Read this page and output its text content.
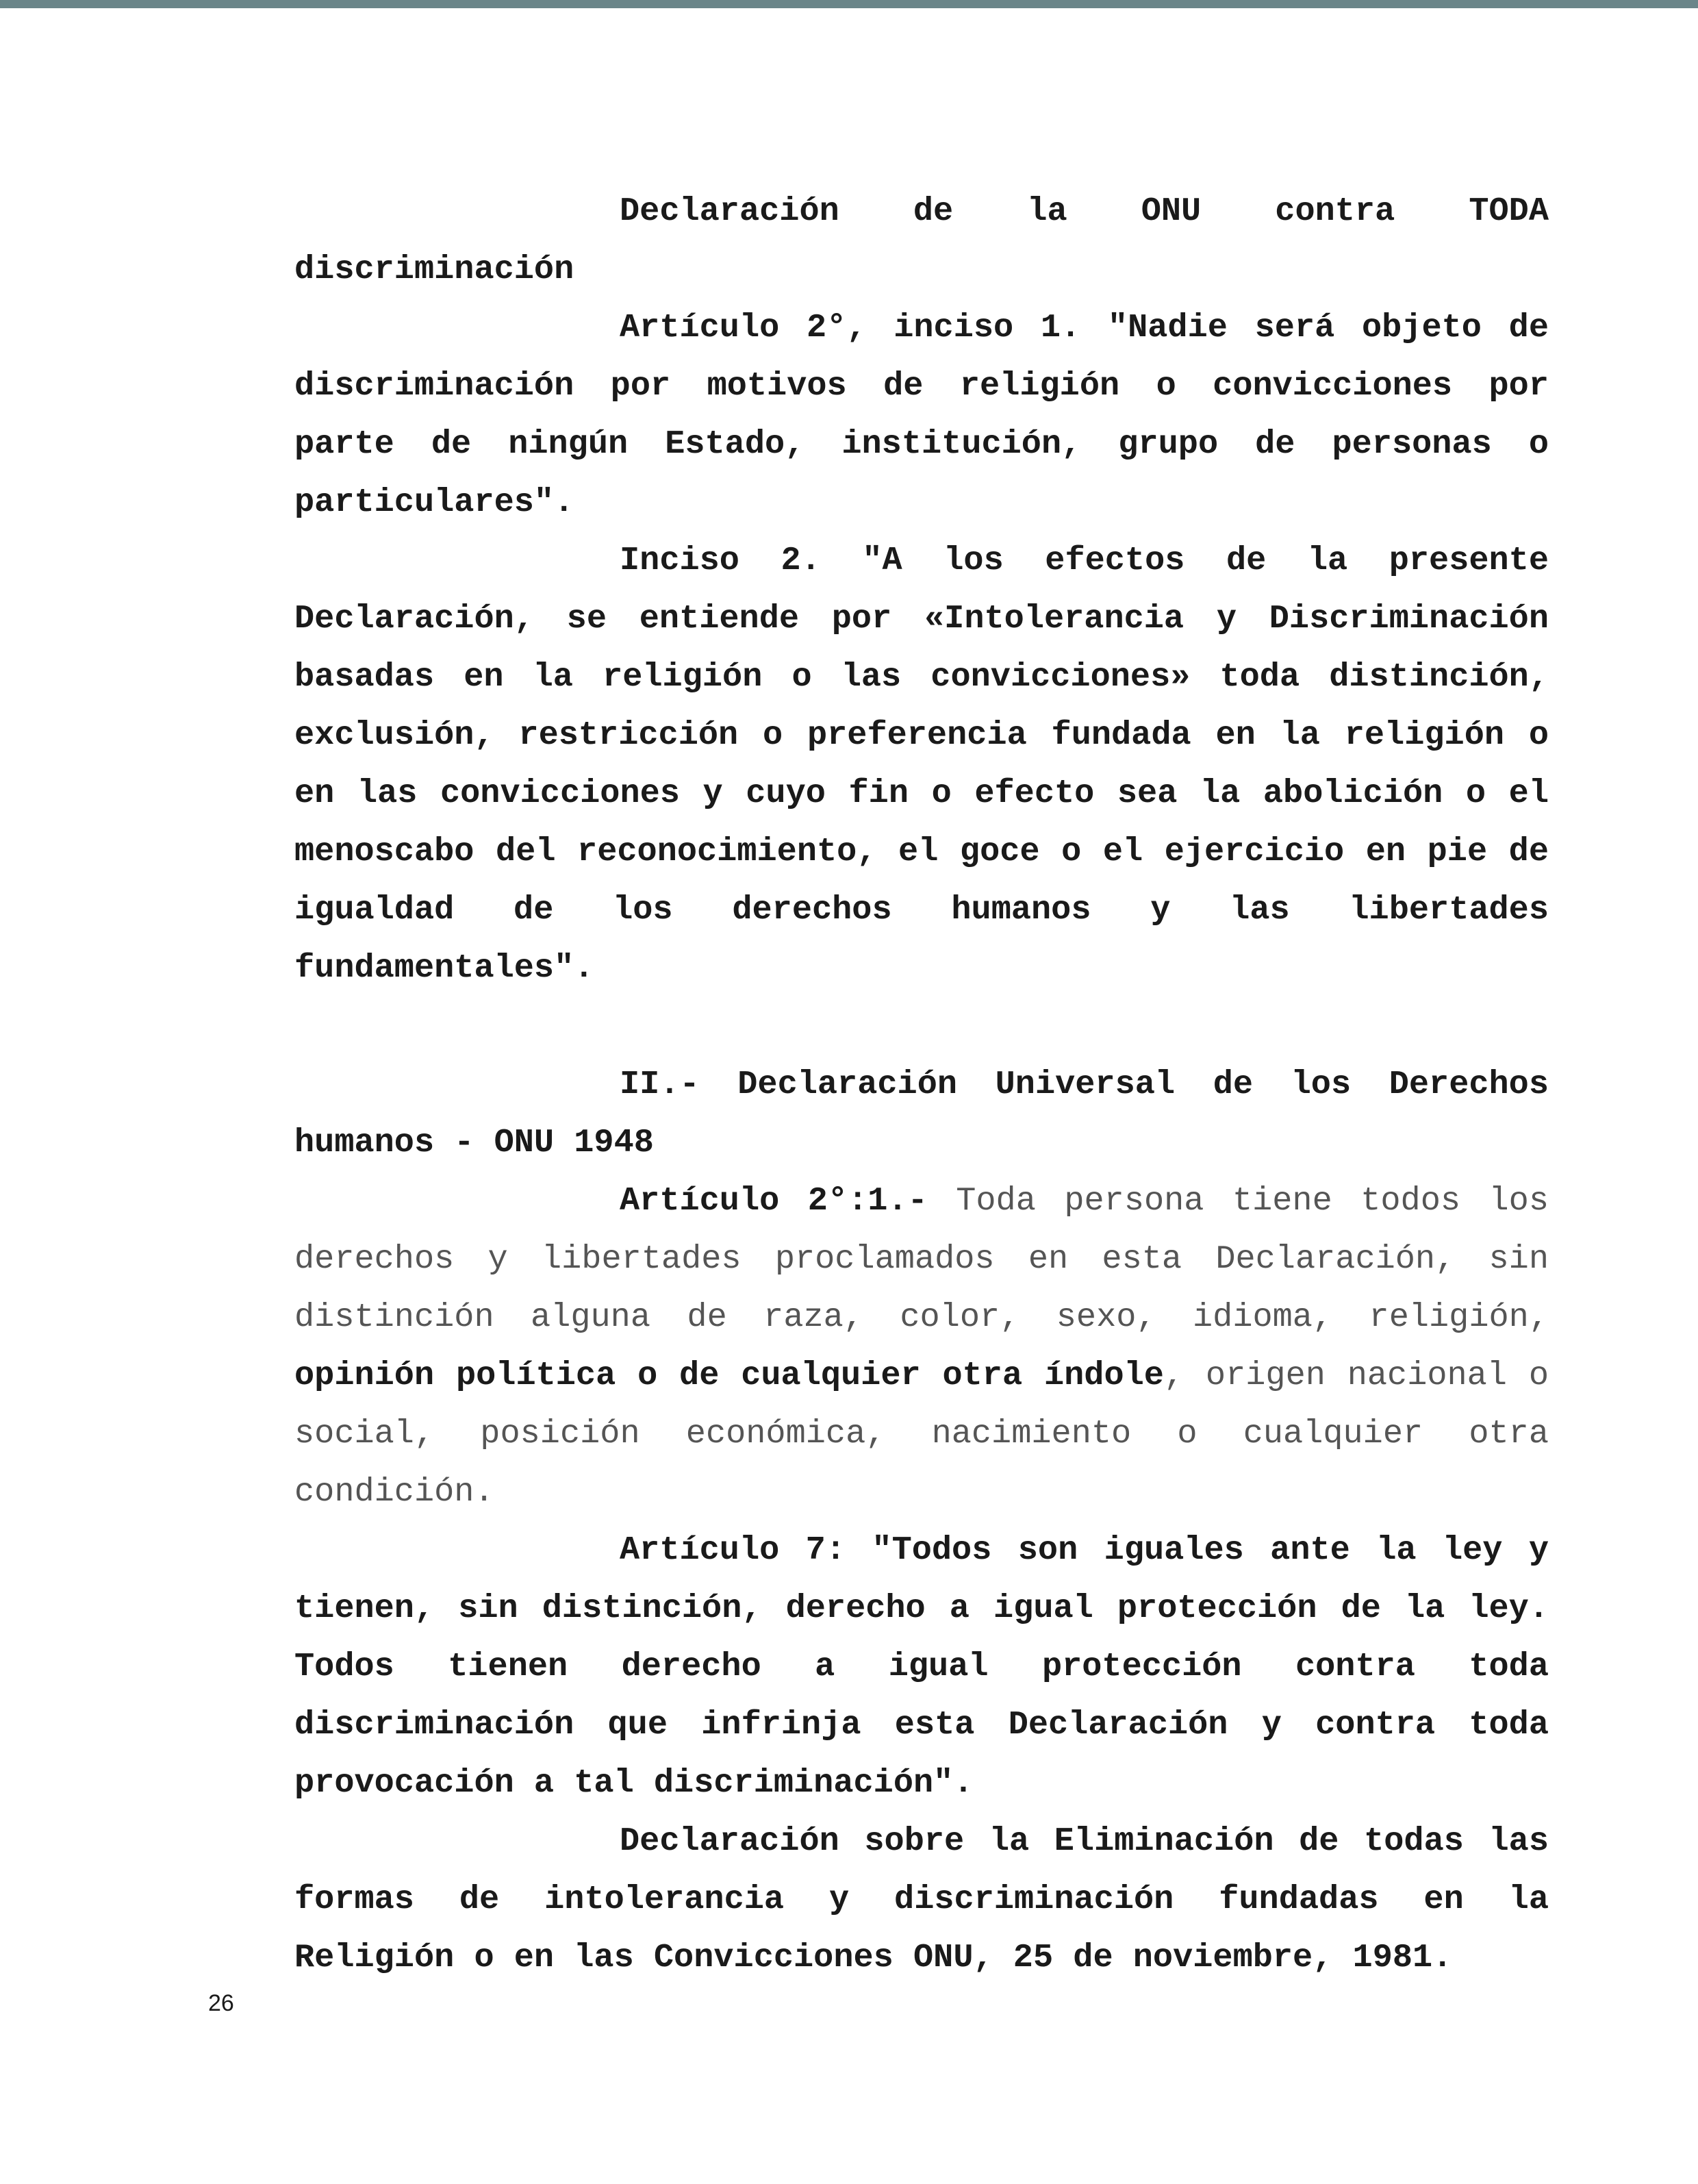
Declaración de la ONU contra TODA discriminación

Artículo 2°, inciso 1. "Nadie será objeto de discriminación por motivos de religión o convicciones por parte de ningún Estado, institución, grupo de personas o particulares".

Inciso 2. "A los efectos de la presente Declaración, se entiende por «Intolerancia y Discriminación basadas en la religión o las convicciones» toda distinción, exclusión, restricción o preferencia fundada en la religión o en las convicciones y cuyo fin o efecto sea la abolición o el menoscabo del reconocimiento, el goce o el ejercicio en pie de igualdad de los derechos humanos y las libertades fundamentales".

II.- Declaración Universal de los Derechos humanos - ONU 1948

Artículo 2°:1.- Toda persona tiene todos los derechos y libertades proclamados en esta Declaración, sin distinción alguna de raza, color, sexo, idioma, religión, opinión política o de cualquier otra índole, origen nacional o social, posición económica, nacimiento o cualquier otra condición.

Artículo 7: "Todos son iguales ante la ley y tienen, sin distinción, derecho a igual protección de la ley. Todos tienen derecho a igual protección contra toda discriminación que infrinja esta Declaración y contra toda provocación a tal discriminación".

Declaración sobre la Eliminación de todas las formas de intolerancia y discriminación fundadas en la Religión o en las Convicciones ONU, 25 de noviembre, 1981.

26
